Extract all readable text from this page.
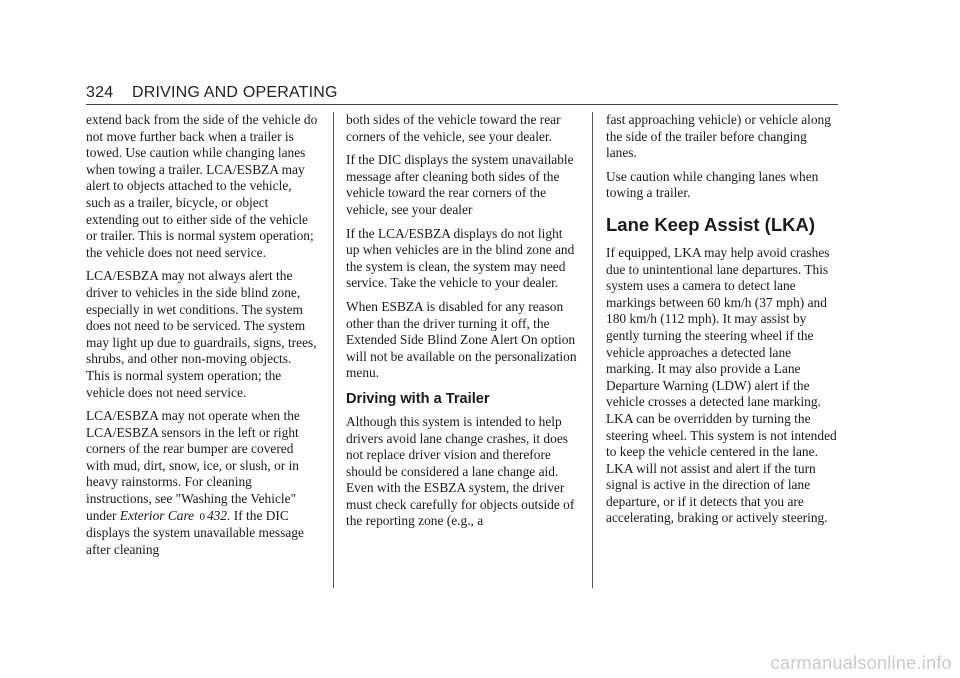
324 DRIVING AND OPERATING

extend back from the side of the vehicle do not move further back when a trailer is towed. Use caution while changing lanes when towing a trailer. LCA/ESBZA may alert to objects attached to the vehicle, such as a trailer, bicycle, or object extending out to either side of the vehicle or trailer. This is normal system operation; the vehicle does not need service.

LCA/ESBZA may not always alert the driver to vehicles in the side blind zone, especially in wet conditions. The system does not need to be serviced. The system may light up due to guardrails, signs, trees, shrubs, and other non-moving objects. This is normal system operation; the vehicle does not need service.

LCA/ESBZA may not operate when the LCA/ESBZA sensors in the left or right corners of the rear bumper are covered with mud, dirt, snow, ice, or slush, or in heavy rainstorms. For cleaning instructions, see "Washing the Vehicle" under Exterior Care 0 432. If the DIC displays the system unavailable message after cleaning

both sides of the vehicle toward the rear corners of the vehicle, see your dealer.

If the DIC displays the system unavailable message after cleaning both sides of the vehicle toward the rear corners of the vehicle, see your dealer

If the LCA/ESBZA displays do not light up when vehicles are in the blind zone and the system is clean, the system may need service. Take the vehicle to your dealer.

When ESBZA is disabled for any reason other than the driver turning it off, the Extended Side Blind Zone Alert On option will not be available on the personalization menu.

Driving with a Trailer

Although this system is intended to help drivers avoid lane change crashes, it does not replace driver vision and therefore should be considered a lane change aid. Even with the ESBZA system, the driver must check carefully for objects outside of the reporting zone (e.g., a

fast approaching vehicle) or vehicle along the side of the trailer before changing lanes.

Use caution while changing lanes when towing a trailer.

Lane Keep Assist (LKA)

If equipped, LKA may help avoid crashes due to unintentional lane departures. This system uses a camera to detect lane markings between 60 km/h (37 mph) and 180 km/h (112 mph). It may assist by gently turning the steering wheel if the vehicle approaches a detected lane marking. It may also provide a Lane Departure Warning (LDW) alert if the vehicle crosses a detected lane marking. LKA can be overridden by turning the steering wheel. This system is not intended to keep the vehicle centered in the lane. LKA will not assist and alert if the turn signal is active in the direction of lane departure, or if it detects that you are accelerating, braking or actively steering.

carmanualsonline.info
